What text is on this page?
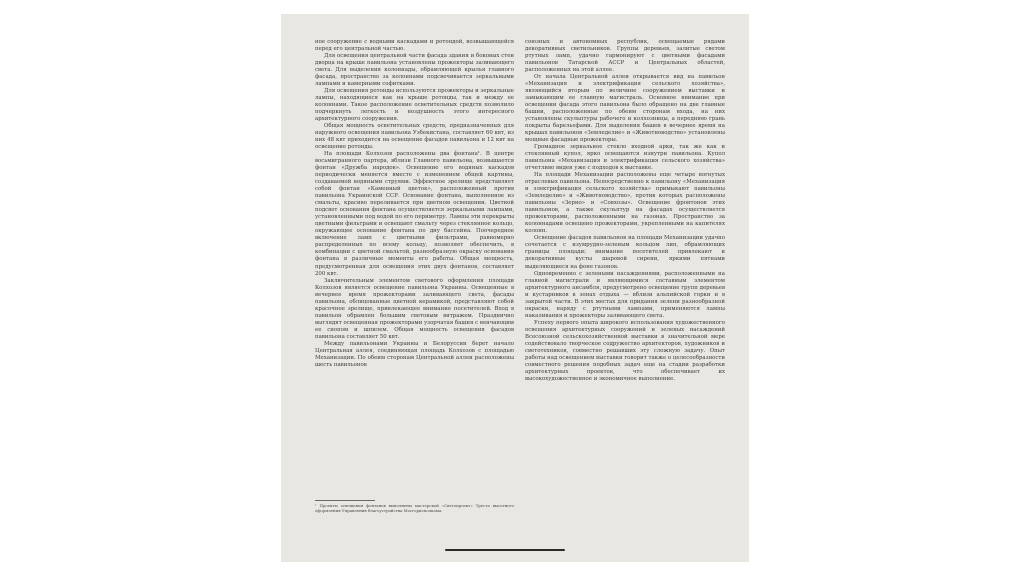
ное сооружение с водными каскадами и ротондой, возвышающейся перед его центральной частью.

Для освещения центральной части фасада здания и боковых стен дворца на крыше павильона установлены прожекторы заливающего света. Для выделения колоннады, обрамляющей крылья главного фасада, пространство за колоннами подсвечивается зеркальными лампами и камерными софитками.

Для освещения ротонды используются прожекторы и зеркальные лампы, находящиеся как на крыше ротонды, так и между ее колоннами. Такое расположение осветительных средств позволило подчеркнуть легкость и воздушность этого интересного архитектурного сооружения.

Общая мощность осветительных средств, предназначенных для наружного освещения павильона Узбекистана, составляет 60 квт, из них 48 квт приходится на освещение фасадов павильона и 12 квт на освещение ротонды.

На площади Колхозов расположены два фонтана¹. В центре восьмигранного партера, вблизи Главного павильона, возвышается фонтан «Дружба народов». Освещение его водяных каскадов периодически меняется вместе с изменением общей картины, создаваемой водяными струями. Эффектное зрелище представляет собой фонтан «Каменный цветок», расположенный против павильона Украинской ССР. Основание фонтана, выполненное из смальты, красиво переливается при цветном освещении. Цветной подсвет основания фонтана осуществляется зеркальными лампами, установленными под водой по его периметру. Лампы эти перекрыты цветными фильтрами и освещают смальту через стеклянное кольцо, окружающее основание фонтана по дну бассейна. Поочередное включение ламп с цветными фильтрами, равномерно распределенных по всему кольцу, позволяет обеспечить, в комбинации с цветной смальтой, разнообразную окраску основания фонтана в различные моменты его работы. Общая мощность, предусмотренная для освещения этих двух фонтанов, составляет 200 квт.

Заключительным элементом светового оформления площади Колхозов является освещение павильона Украины. Освещенные в вечернее время прожекторами заливающего света, фасады павильона, облицованные цветной керамикой, представляют собой красочное зрелище, привлекающее внимание посетителей. Вход в павильон обрамлен большим световым витражем. Празднично выглядят освещенная прожекторами узорчатая башня с венчающим ее снопом и шпилем. Общая мощность освещения фасадов павильона составляет 50 квт.

Между павильонами Украины и Белоруссии берет начало Центральная аллея, соединяющая площадь Колхозов с площадью Механизации. По обеим сторонам Центральной аллеи расположены шесть павильонов

союзных и автономных республик, освещаемые рядами декоративных светильников. Группы деревьев, залитые светом ртутных ламп, удачно гармонируют с цветными фасадами павильонов Татарской АССР и Центральных областей, расположенных на этой аллее.

От начала Центральной аллеи открывается вид на павильон «Механизация и электрификация сельского хозяйства», являющийся вторым по величине сооружением выставки и замыкающим ее главную магистраль. Основное внимание при освещении фасада этого павильона было обращено на две главные башни, расположенные по обеим сторонам входа, на них установлены скульптуры рабочего и колхозницы, а переднюю грань покрыты барельефами. Для выделения башен в вечернее время на крышах павильонов «Земледелие» и «Животноводство» установлены мощные фасадные прожекторы.

Громадное зеркальное стекло входной арки, так же как и стеклянный купол, ярко освещаются изнутри павильона. Купол павильона «Механизация и электрификация сельского хозяйства» отчетливо виден уже с подходов к выставке.

На площади Механизации расположены еще четыре вогнутых отраслевых павильона. Непосредственно к павильону «Механизация и электрификация сельского хозяйства» примыкают павильоны «Земледелие» и «Животноводство», против которых расположены павильоны «Зерно» и «Совхозы». Освещение фронтонов этих павильонов, а также скульптур на фасадах осуществляется прожекторами, расположенными на газонах. Пространство за колоннадами освещено прожекторами, укрепленными на капителях колонн.

Освещение фасадов павильонов на площади Механизации удачно сочетается с изумрудно-зеленым кольцом лип, обрамляющих границы площади; внимание посетителей привлекают и декоративные кусты шаровой сирени, яркими пятнами выделяющиеся на фоне газонов.

Одновременно с зелеными насаждениями, расположенными на главной магистрали и являющимися составным элементом архитектурного ансамбля, предусмотрено освещение групп деревьев и кустарников в зонах отдыха — вблизи альпийской горки и в закрытой части. В этих местах для придания зелени разнообразной окраски, наряду с ртутными лампами, применяются лампы накаливания и прожекторы заливающего света.

Успеху первого опыта широкого использования художественного освещения архитектурных сооружений и зеленых насаждений Всесоюзной сельскохозяйственной выставки в значительной мере содействовало творческое содружество архитекторов, художников и светотехников, совместно решавших эту сложную задачу. Опыт работы над освещением выставки говорит также о целесообразности совместного решения подобных задач еще на стадии разработки архитектурных проектов, что обеспечивает их высокохудожественное и экономичное выполнение.

¹ Проекты освещения фонтанов выполнены мастерской «Светопроект» Треста высотного оформления Управления благоустройства Мосгорисполкома.
